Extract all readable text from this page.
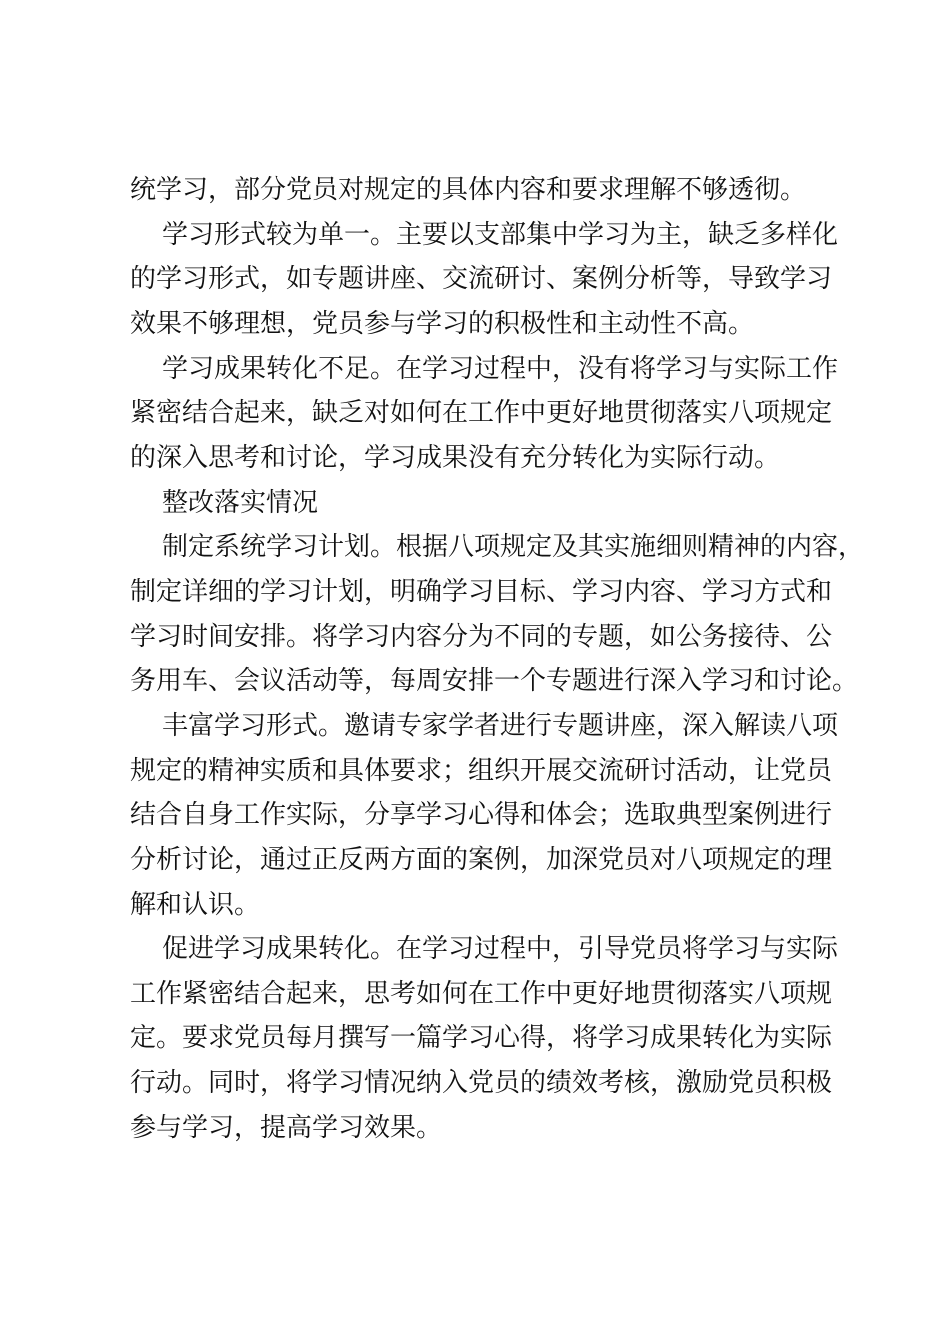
统学习，部分党员对规定的具体内容和要求理解不够透彻。
学习形式较为单一。主要以支部集中学习为主，缺乏多样化
的学习形式，如专题讲座、交流研讨、案例分析等，导致学习
效果不够理想，党员参与学习的积极性和主动性不高。
学习成果转化不足。在学习过程中，没有将学习与实际工作
紧密结合起来，缺乏对如何在工作中更好地贯彻落实八项规定
的深入思考和讨论，学习成果没有充分转化为实际行动。
整改落实情况
制定系统学习计划。根据八项规定及其实施细则精神的内容，
制定详细的学习计划，明确学习目标、学习内容、学习方式和
学习时间安排。将学习内容分为不同的专题，如公务接待、公
务用车、会议活动等，每周安排一个专题进行深入学习和讨论。
丰富学习形式。邀请专家学者进行专题讲座，深入解读八项
规定的精神实质和具体要求；组织开展交流研讨活动，让党员
结合自身工作实际，分享学习心得和体会；选取典型案例进行
分析讨论，通过正反两方面的案例，加深党员对八项规定的理
解和认识。
促进学习成果转化。在学习过程中，引导党员将学习与实际
工作紧密结合起来，思考如何在工作中更好地贯彻落实八项规
定。要求党员每月撰写一篇学习心得，将学习成果转化为实际
行动。同时，将学习情况纳入党员的绩效考核，激励党员积极
参与学习，提高学习效果。
